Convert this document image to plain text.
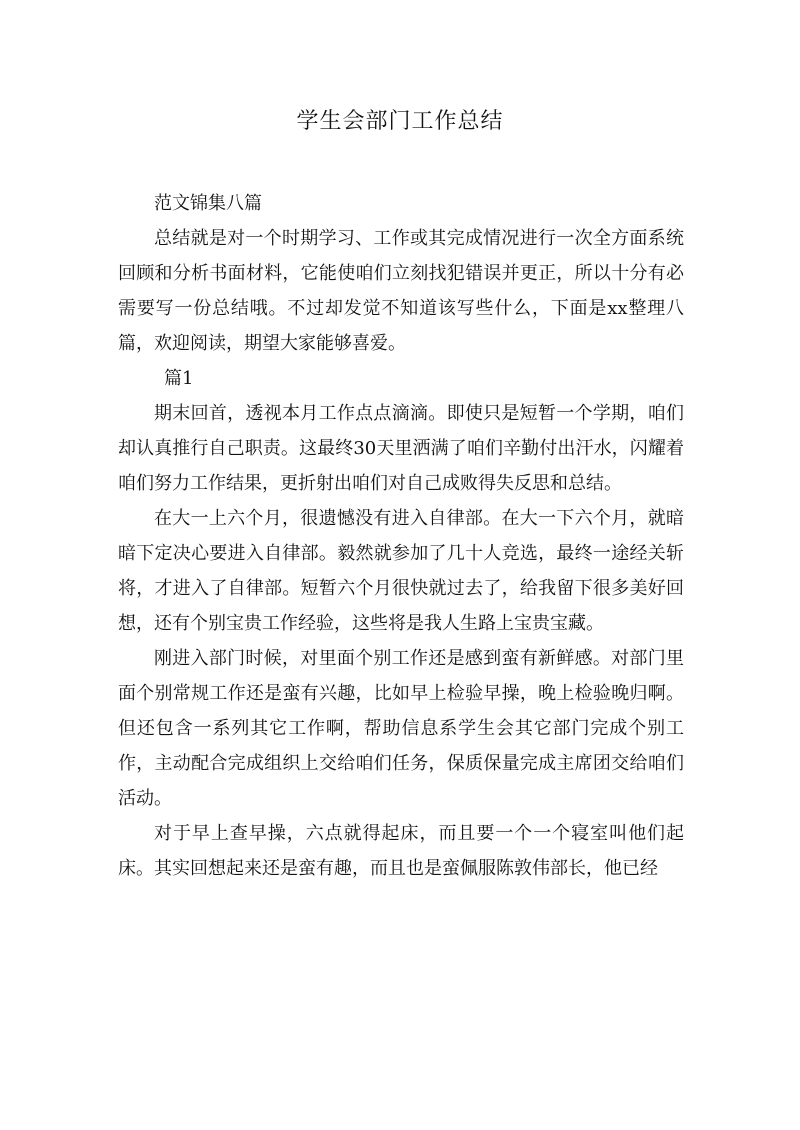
学生会部门工作总结

范文锦集八篇

总结就是对一个时期学习、工作或其完成情况进行一次全方面系统回顾和分析书面材料，它能使咱们立刻找犯错误并更正，所以十分有必需要写一份总结哦。不过却发觉不知道该写些什么，下面是xx整理八篇，欢迎阅读，期望大家能够喜爱。

篇1

期末回首，透视本月工作点点滴滴。即使只是短暂一个学期，咱们却认真推行自己职责。这最终30天里洒满了咱们辛勤付出汗水，闪耀着咱们努力工作结果，更折射出咱们对自己成败得失反思和总结。

在大一上六个月，很遗憾没有进入自律部。在大一下六个月，就暗暗下定决心要进入自律部。毅然就参加了几十人竞选，最终一途经关斩将，才进入了自律部。短暂六个月很快就过去了，给我留下很多美好回想，还有个别宝贵工作经验，这些将是我人生路上宝贵宝藏。

刚进入部门时候，对里面个别工作还是感到蛮有新鲜感。对部门里面个别常规工作还是蛮有兴趣，比如早上检验早操，晚上检验晚归啊。但还包含一系列其它工作啊，帮助信息系学生会其它部门完成个别工作，主动配合完成组织上交给咱们任务，保质保量完成主席团交给咱们活动。

对于早上查早操，六点就得起床，而且要一个一个寝室叫他们起床。其实回想起来还是蛮有趣，而且也是蛮佩服陈敦伟部长，他已经
